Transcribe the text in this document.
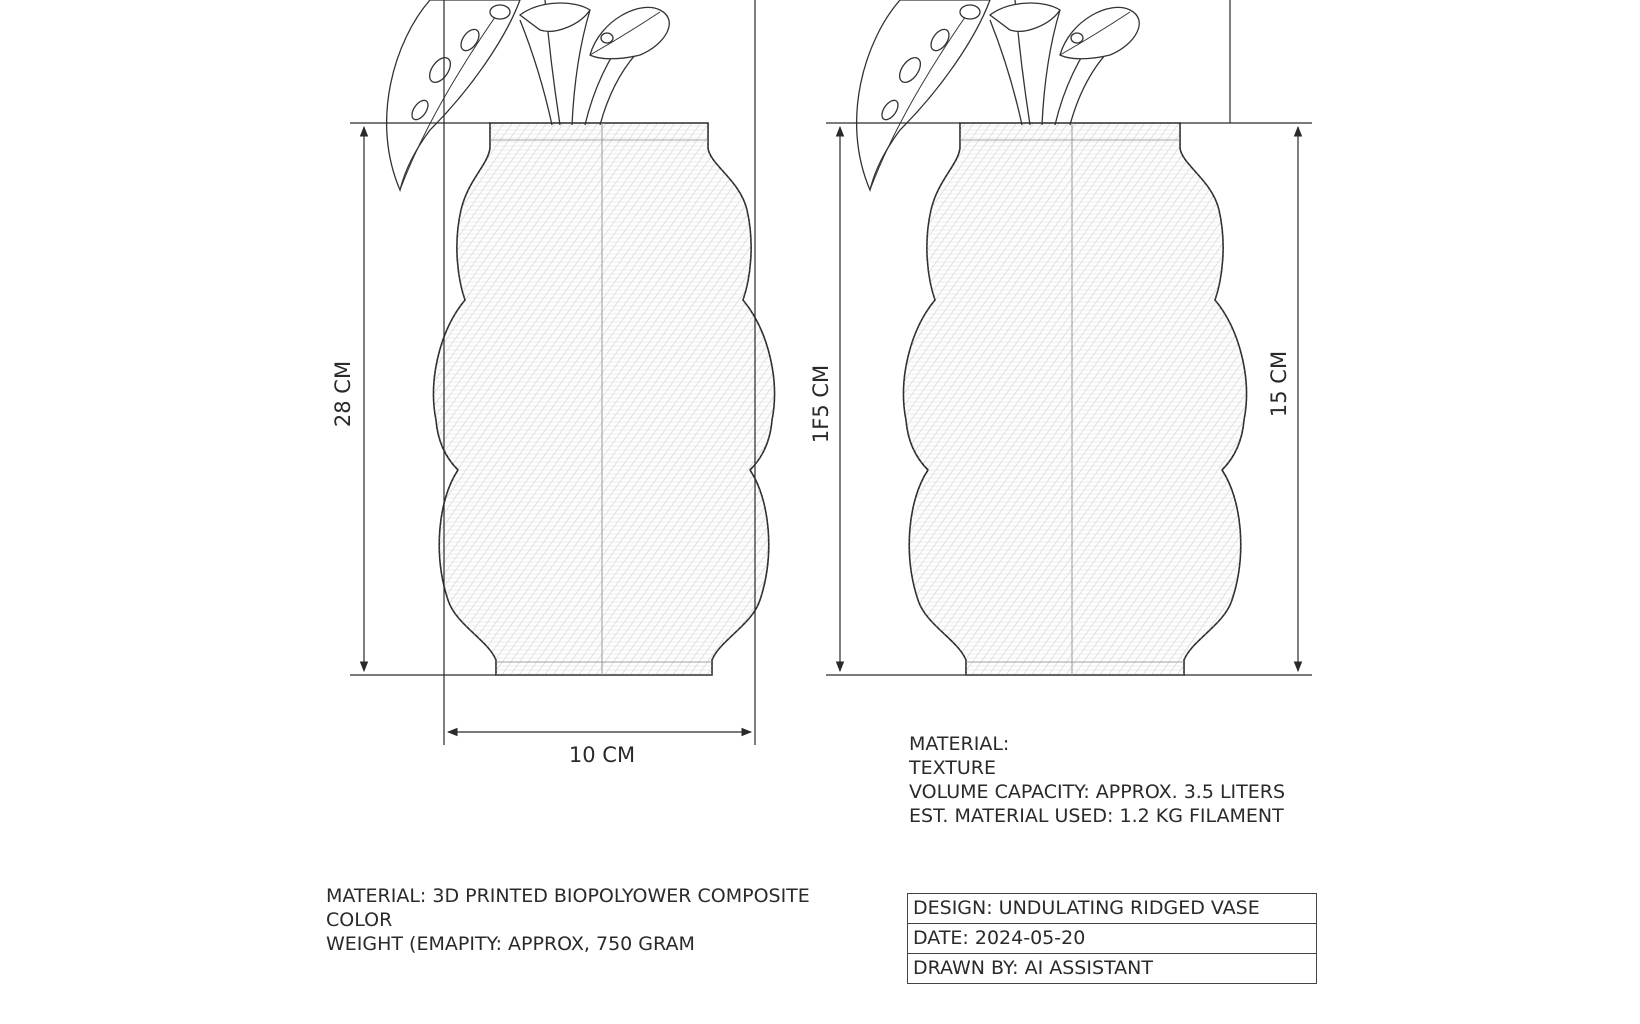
28 CM
10 CM
1F5 CM	15 CM
MATERIAL:
TEXTURE
VOLUME CAPACITY: APPROX. 3.5 LITERS
EST. MATERIAL USED: 1.2 KG FILAMENT
MATERIAL: 3D PRINTED BIOPOLYOWER COMPOSITE
COLOR
WEIGHT (EMAPITY: APPROX, 750 GRAM
DESIGN: UNDULATING RIDGED VASE
DATE: 2024-05-20
DRAWN BY: AI ASSISTANT
